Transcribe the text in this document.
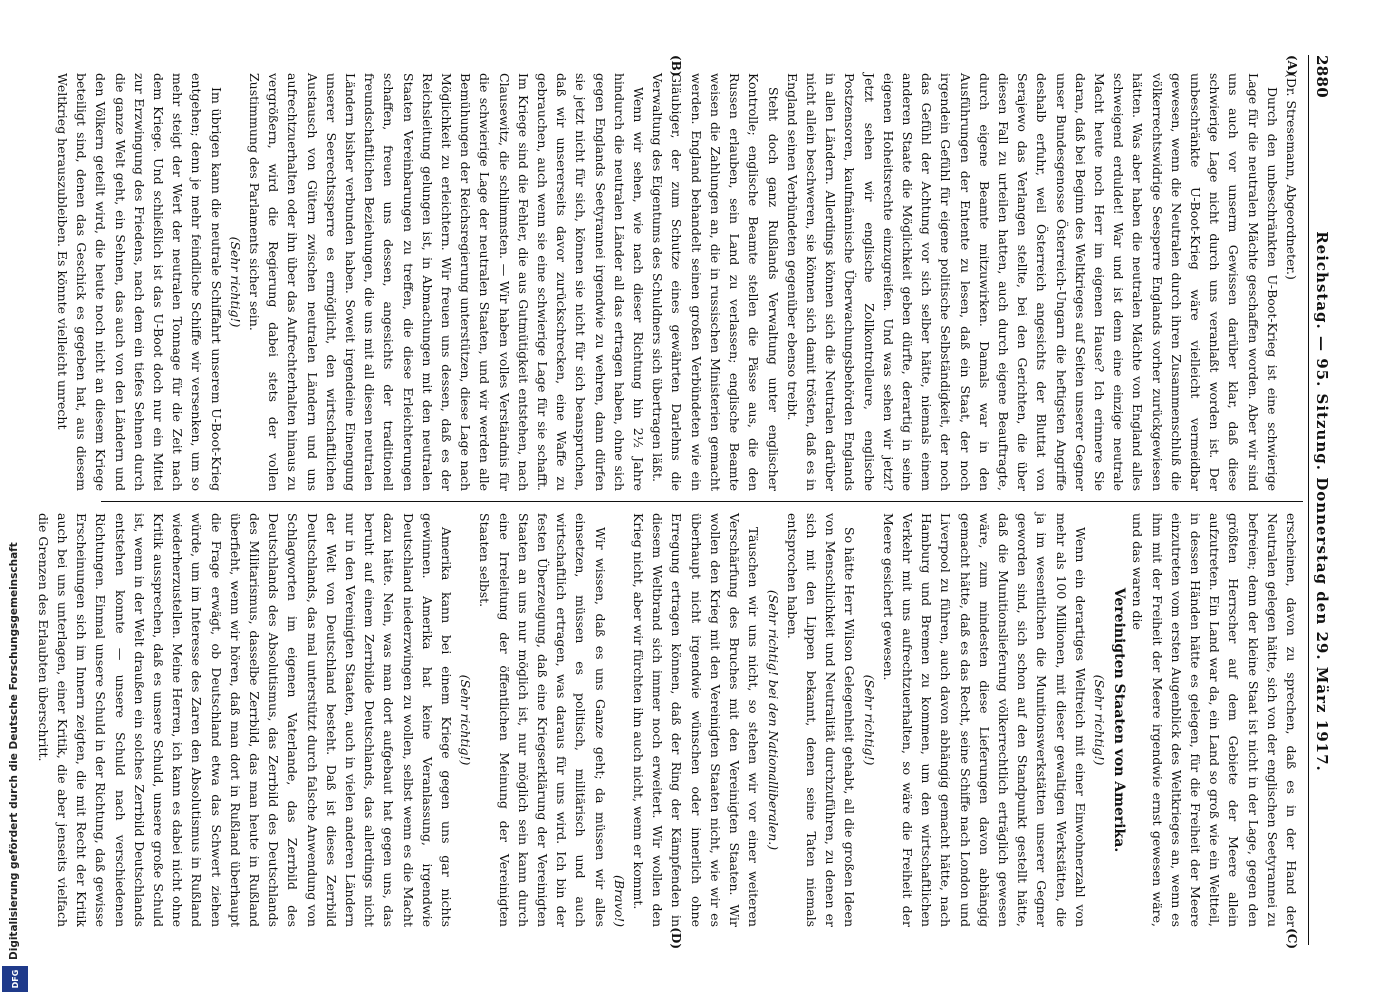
Digitalisierung gefördert durch die Deutsche Forschungsgemeinschaft
DFG
2880
Reichstag. — 95. Sitzung. Donnerstag den 29. März 1917.
(A)
(B)
(C)
(D)

(Dr. Stresemann, Abgeordneter.)

Durch den unbeschränkten U-Boot-Krieg ist eine schwierige Lage für die neutralen Mächte geschaffen worden. Aber wir sind uns auch vor unserm Gewissen darüber klar, daß diese schwierige Lage nicht durch uns veranlaßt worden ist. Der unbeschränkte U-Boot-Krieg wäre vielleicht vermeidbar gewesen, wenn die Neutralen durch ihren Zusammenschluß die völkerrechtswidrige Seesperre Englands vorher zurückgewiesen hätten. Was aber haben die neutralen Mächte von England alles schweigend erduldet! War und ist denn eine einzige neutrale Macht heute noch Herr im eigenen Hause? Ich erinnere Sie daran, daß bei Beginn des Weltkrieges auf Seiten unserer Gegner unser Bundesgenosse Österreich-Ungarn die heftigsten Angriffe deshalb erfuhr, weil Österreich angesichts der Bluttat von Serajewo das Verlangen stellte, bei den Gerichten, die über diesen Fall zu urteilen hatten, auch durch eigene Beauftragte, durch eigene Beamte mitzuwirken. Damals war in den Ausführungen der Entente zu lesen, daß ein Staat, der noch irgendein Gefühl für eigene politische Selbständigkeit, der noch das Gefühl der Achtung vor sich selber hätte, niemals einem anderen Staate die Möglichkeit geben dürfte, derartig in seine eigenen Hoheitsrechte einzugreifen. Und was sehen wir jetzt? Jetzt sehen wir englische Zollkontrolleure, englische Postzensoren, kaufmännische Überwachungsbehörden Englands in allen Ländern. Allerdings können sich die Neutralen darüber nicht allein beschweren, sie können sich damit trösten, daß es in England seinen Verbündeten gegenüber ebenso treibt.

Steht doch ganz Rußlands Verwaltung unter englischer Kontrolle; englische Beamte stellen die Pässe aus, die den Russen erlauben, sein Land zu verlassen; englische Beamte weisen die Zahlungen an, die in russischen Ministerien gemacht werden. England behandelt seinen großen Verbündeten wie ein Gläubiger, der zum Schutze eines gewährten Darlehns die Verwaltung des Eigentums des Schuldners sich übertragen läßt.

Wenn wir sehen, wie nach dieser Richtung hin 2½ Jahre hindurch die neutralen Länder all das ertragen haben, ohne sich gegen Englands Seetyrannei irgendwie zu wehren, dann dürfen sie jetzt nicht für sich, können sie nicht für sich beanspruchen, daß wir unsererseits davor zurückschrecken, eine Waffe zu gebrauchen, auch wenn sie eine schwierige Lage für sie schafft. Im Kriege sind die Fehler, die aus Gutmütigkeit entstehen, nach Clausewitz, die schlimmsten. — Wir haben volles Verständnis für die schwierige Lage der neutralen Staaten, und wir werden alle Bemühungen der Reichsregierung unterstützen, diese Lage nach Möglichkeit zu erleichtern. Wir freuen uns dessen, daß es der Reichsleitung gelungen ist, in Abmachungen mit den neutralen Staaten Vereinbarungen zu treffen, die diese Erleichterungen schaffen, freuen uns dessen, angesichts der traditionell freundschaftlichen Beziehungen, die uns mit all diesen neutralen Ländern bisher verbunden haben. Soweit irgendeine Einengung unserer Seerechtssperre es ermöglicht, den wirtschaftlichen Austausch von Gütern zwischen neutralen Ländern und uns aufrechtzuerhalten oder ihn über das Aufrechterhalten hinaus zu vergrößern, wird die Regierung dabei stets der vollen Zustimmung des Parlaments sicher sein.

(Sehr richtig!)

Im übrigen kann die neutrale Schiffahrt unserem U-Boot-Krieg entgehen; denn je mehr feindliche Schiffe wir versenken, um so mehr steigt der Wert der neutralen Tonnage für die Zeit nach dem Kriege. Und schließlich ist das U-Boot doch nur ein Mittel zur Erzwingung des Friedens, nach dem ein tiefes Sehnen durch die ganze Welt geht, ein Sehnen, das auch von den Ländern und den Völkern geteilt wird, die heute noch nicht an diesem Kriege beteiligt sind, denen das Geschick es gegeben hat, aus diesem Weltkrieg herauszubleiben. Es könnte vielleicht unrecht

erscheinen, davon zu sprechen, daß es in der Hand der Neutralen gelegen hätte, sich von der englischen Seetyrannei zu befreien; denn der kleine Staat ist nicht in der Lage, gegen den größten Herrscher auf dem Gebiete der Meere allein aufzutreten. Ein Land war da, ein Land so groß wie ein Weltteil, in dessen Händen hätte es gelegen, für die Freiheit der Meere einzutreten vom ersten Augenblick des Weltkrieges an, wenn es ihm mit der Freiheit der Meere irgendwie ernst gewesen wäre, und das waren die

Vereinigten Staaten von Amerika.

(Sehr richtig!)

Wenn ein derartiges Weltreich mit einer Einwohnerzahl von mehr als 100 Millionen, mit dieser gewaltigen Werkstätten, die ja im wesentlichen die Munitionswerkstätten unserer Gegner geworden sind, sich schon auf den Standpunkt gestellt hätte, daß die Munitionslieferung völkerrechtlich erträglich gewesen wäre, zum mindesten diese Lieferungen davon abhängig gemacht hätte, daß es das Recht, seine Schiffe nach London und Liverpool zu führen, auch davon abhängig gemacht hätte, nach Hamburg und Bremen zu kommen, um den wirtschaftlichen Verkehr mit uns aufrechtzuerhalten, so wäre die Freiheit der Meere gesichert gewesen.

(Sehr richtig!)

So hätte Herr Wilson Gelegenheit gehabt, all die großen Ideen von Menschlichkeit und Neutralität durchzuführen, zu denen er sich mit den Lippen bekannt, denen seine Taten niemals entsprochen haben.

(Sehr richtig! bei den Nationalliberalen.)

Täuschen wir uns nicht, so stehen wir vor einer weiteren Verschärfung des Bruches mit den Vereinigten Staaten. Wir wollen den Krieg mit den Vereinigten Staaten nicht, wie wir es überhaupt nicht irgendwie wünschen oder innerlich ohne Erregung ertragen können, daß der Ring der Kämpfenden in diesem Weltbrand sich immer noch erweitert. Wir wollen den Krieg nicht, aber wir fürchten ihn auch nicht, wenn er kommt.

(Bravo!)

Wir wissen, daß es uns Ganze geht; da müssen wir alles einsetzen, müssen es politisch, militärisch und auch wirtschaftlich ertragen, was daraus für uns wird. Ich bin der festen Überzeugung, daß eine Kriegserklärung der Vereinigten Staaten an uns nur möglich ist, nur möglich sein kann durch eine Irreleitung der öffentlichen Meinung der Vereinigten Staaten selbst.

(Sehr richtig!)

Amerika kann bei einem Kriege gegen uns gar nichts gewinnen. Amerika hat keine Veranlassung, irgendwie Deutschland niederzwingen zu wollen, selbst wenn es die Macht dazu hätte. Nein, was man dort aufgebaut hat gegen uns, das beruht auf einem Zerrbilde Deutschlands, das allerdings nicht nur in den Vereinigten Staaten, auch in vielen anderen Ländern der Welt von Deutschland besteht. Daß ist dieses Zerrbild Deutschlands, das mal unterstützt durch falsche Anwendung von Schlagworten im eigenen Vaterlande, das Zerrbild des Deutschlands des Absolutismus, das Zerrbild des Deutschlands des Militarismus, dasselbe Zerrbild, das man heute in Rußland überfieht, wenn wir hören, daß man dort in Rußland überhaupt die Frage erwägt, ob Deutschland etwa das Schwert ziehen würde, um im Interesse des Zaren den Absolutismus in Rußland wiederherzustellen. Meine Herren, ich kann es dabei nicht ohne Kritik aussprechen, daß es unsere Schuld, unsere große Schuld ist, wenn in der Welt draußen ein solches Zerrbild Deutschlands entstehen konnte — unsere Schuld nach verschiedenen Richtungen. Einmal unsere Schuld in der Richtung, daß gewisse Erscheinungen sich im Innern zeigten, die mit Recht der Kritik auch bei uns unterlagen, einer Kritik, die aber jenseits vielfach die Grenzen des Erlaubten überschritt.
